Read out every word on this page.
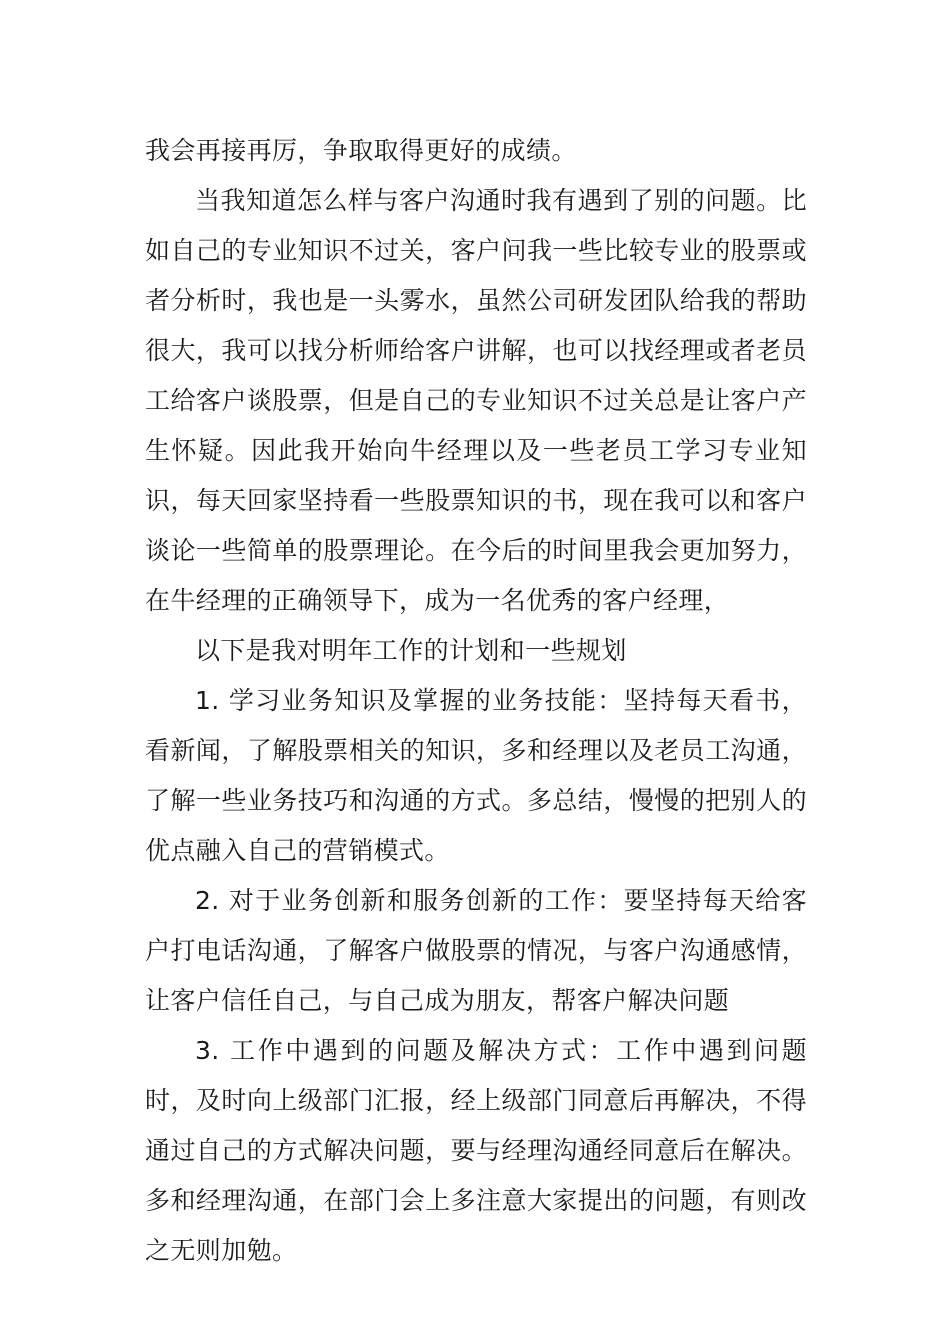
我会再接再厉，争取取得更好的成绩。

当我知道怎么样与客户沟通时我有遇到了别的问题。比如自己的专业知识不过关，客户问我一些比较专业的股票或者分析时，我也是一头雾水，虽然公司研发团队给我的帮助很大，我可以找分析师给客户讲解，也可以找经理或者老员工给客户谈股票，但是自己的专业知识不过关总是让客户产生怀疑。因此我开始向牛经理以及一些老员工学习专业知识，每天回家坚持看一些股票知识的书，现在我可以和客户谈论一些简单的股票理论。在今后的时间里我会更加努力，在牛经理的正确领导下，成为一名优秀的客户经理，

以下是我对明年工作的计划和一些规划

1. 学习业务知识及掌握的业务技能：坚持每天看书，看新闻，了解股票相关的知识，多和经理以及老员工沟通，了解一些业务技巧和沟通的方式。多总结，慢慢的把别人的优点融入自己的营销模式。

2. 对于业务创新和服务创新的工作：要坚持每天给客户打电话沟通，了解客户做股票的情况，与客户沟通感情，让客户信任自己，与自己成为朋友，帮客户解决问题

3. 工作中遇到的问题及解决方式：工作中遇到问题时，及时向上级部门汇报，经上级部门同意后再解决，不得通过自己的方式解决问题，要与经理沟通经同意后在解决。多和经理沟通，在部门会上多注意大家提出的问题，有则改之无则加勉。
